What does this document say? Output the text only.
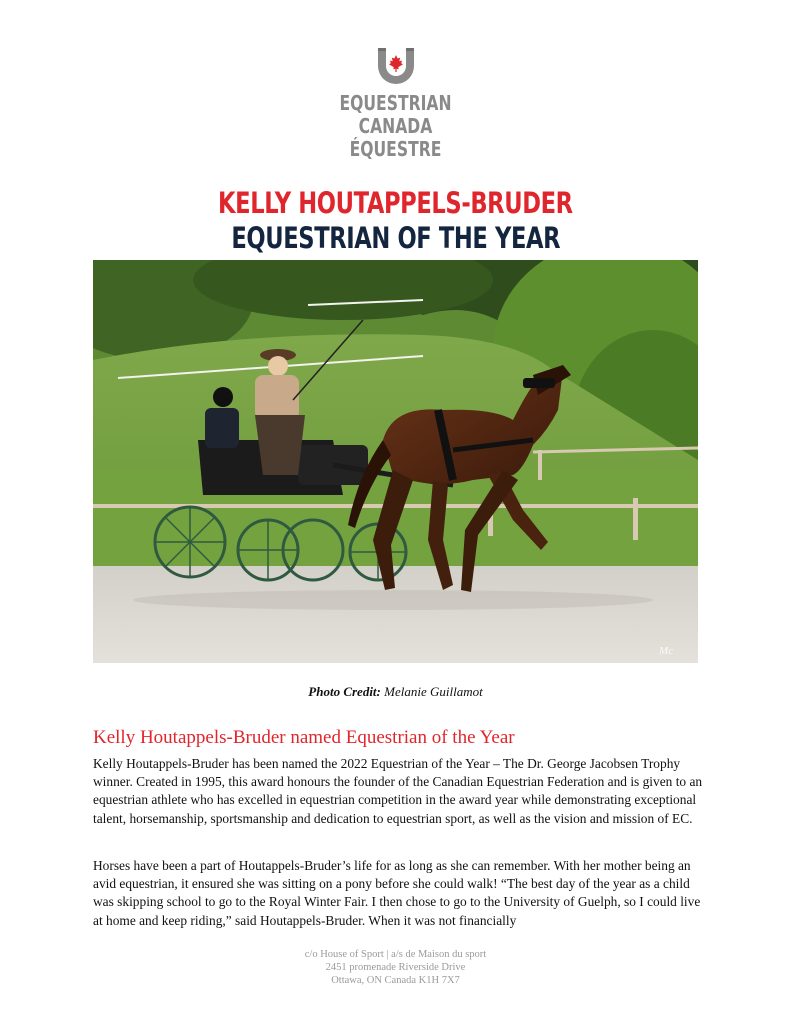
EQUESTRIAN
CANADA
ÉQUESTRE
KELLY HOUTAPPELS-BRUDER
EQUESTRIAN OF THE YEAR
Mc
Photo Credit: Melanie Guillamot
Kelly Houtappels-Bruder named Equestrian of the Year

Kelly Houtappels-Bruder has been named the 2022 Equestrian of the Year – The Dr. George Jacobsen Trophy winner. Created in 1995, this award honours the founder of the Canadian Equestrian Federation and is given to an equestrian athlete who has excelled in equestrian competition in the award year while demonstrating exceptional talent, horsemanship, sportsmanship and dedication to equestrian sport, as well as the vision and mission of EC.

Horses have been a part of Houtappels-Bruder’s life for as long as she can remember. With her mother being an avid equestrian, it ensured she was sitting on a pony before she could walk! “The best day of the year as a child was skipping school to go to the Royal Winter Fair. I then chose to go to the University of Guelph, so I could live at home and keep riding,” said Houtappels-Bruder. When it was not financially

c/o House of Sport | a/s de Maison du sport
2451 promenade Riverside Drive
Ottawa, ON Canada K1H 7X7
